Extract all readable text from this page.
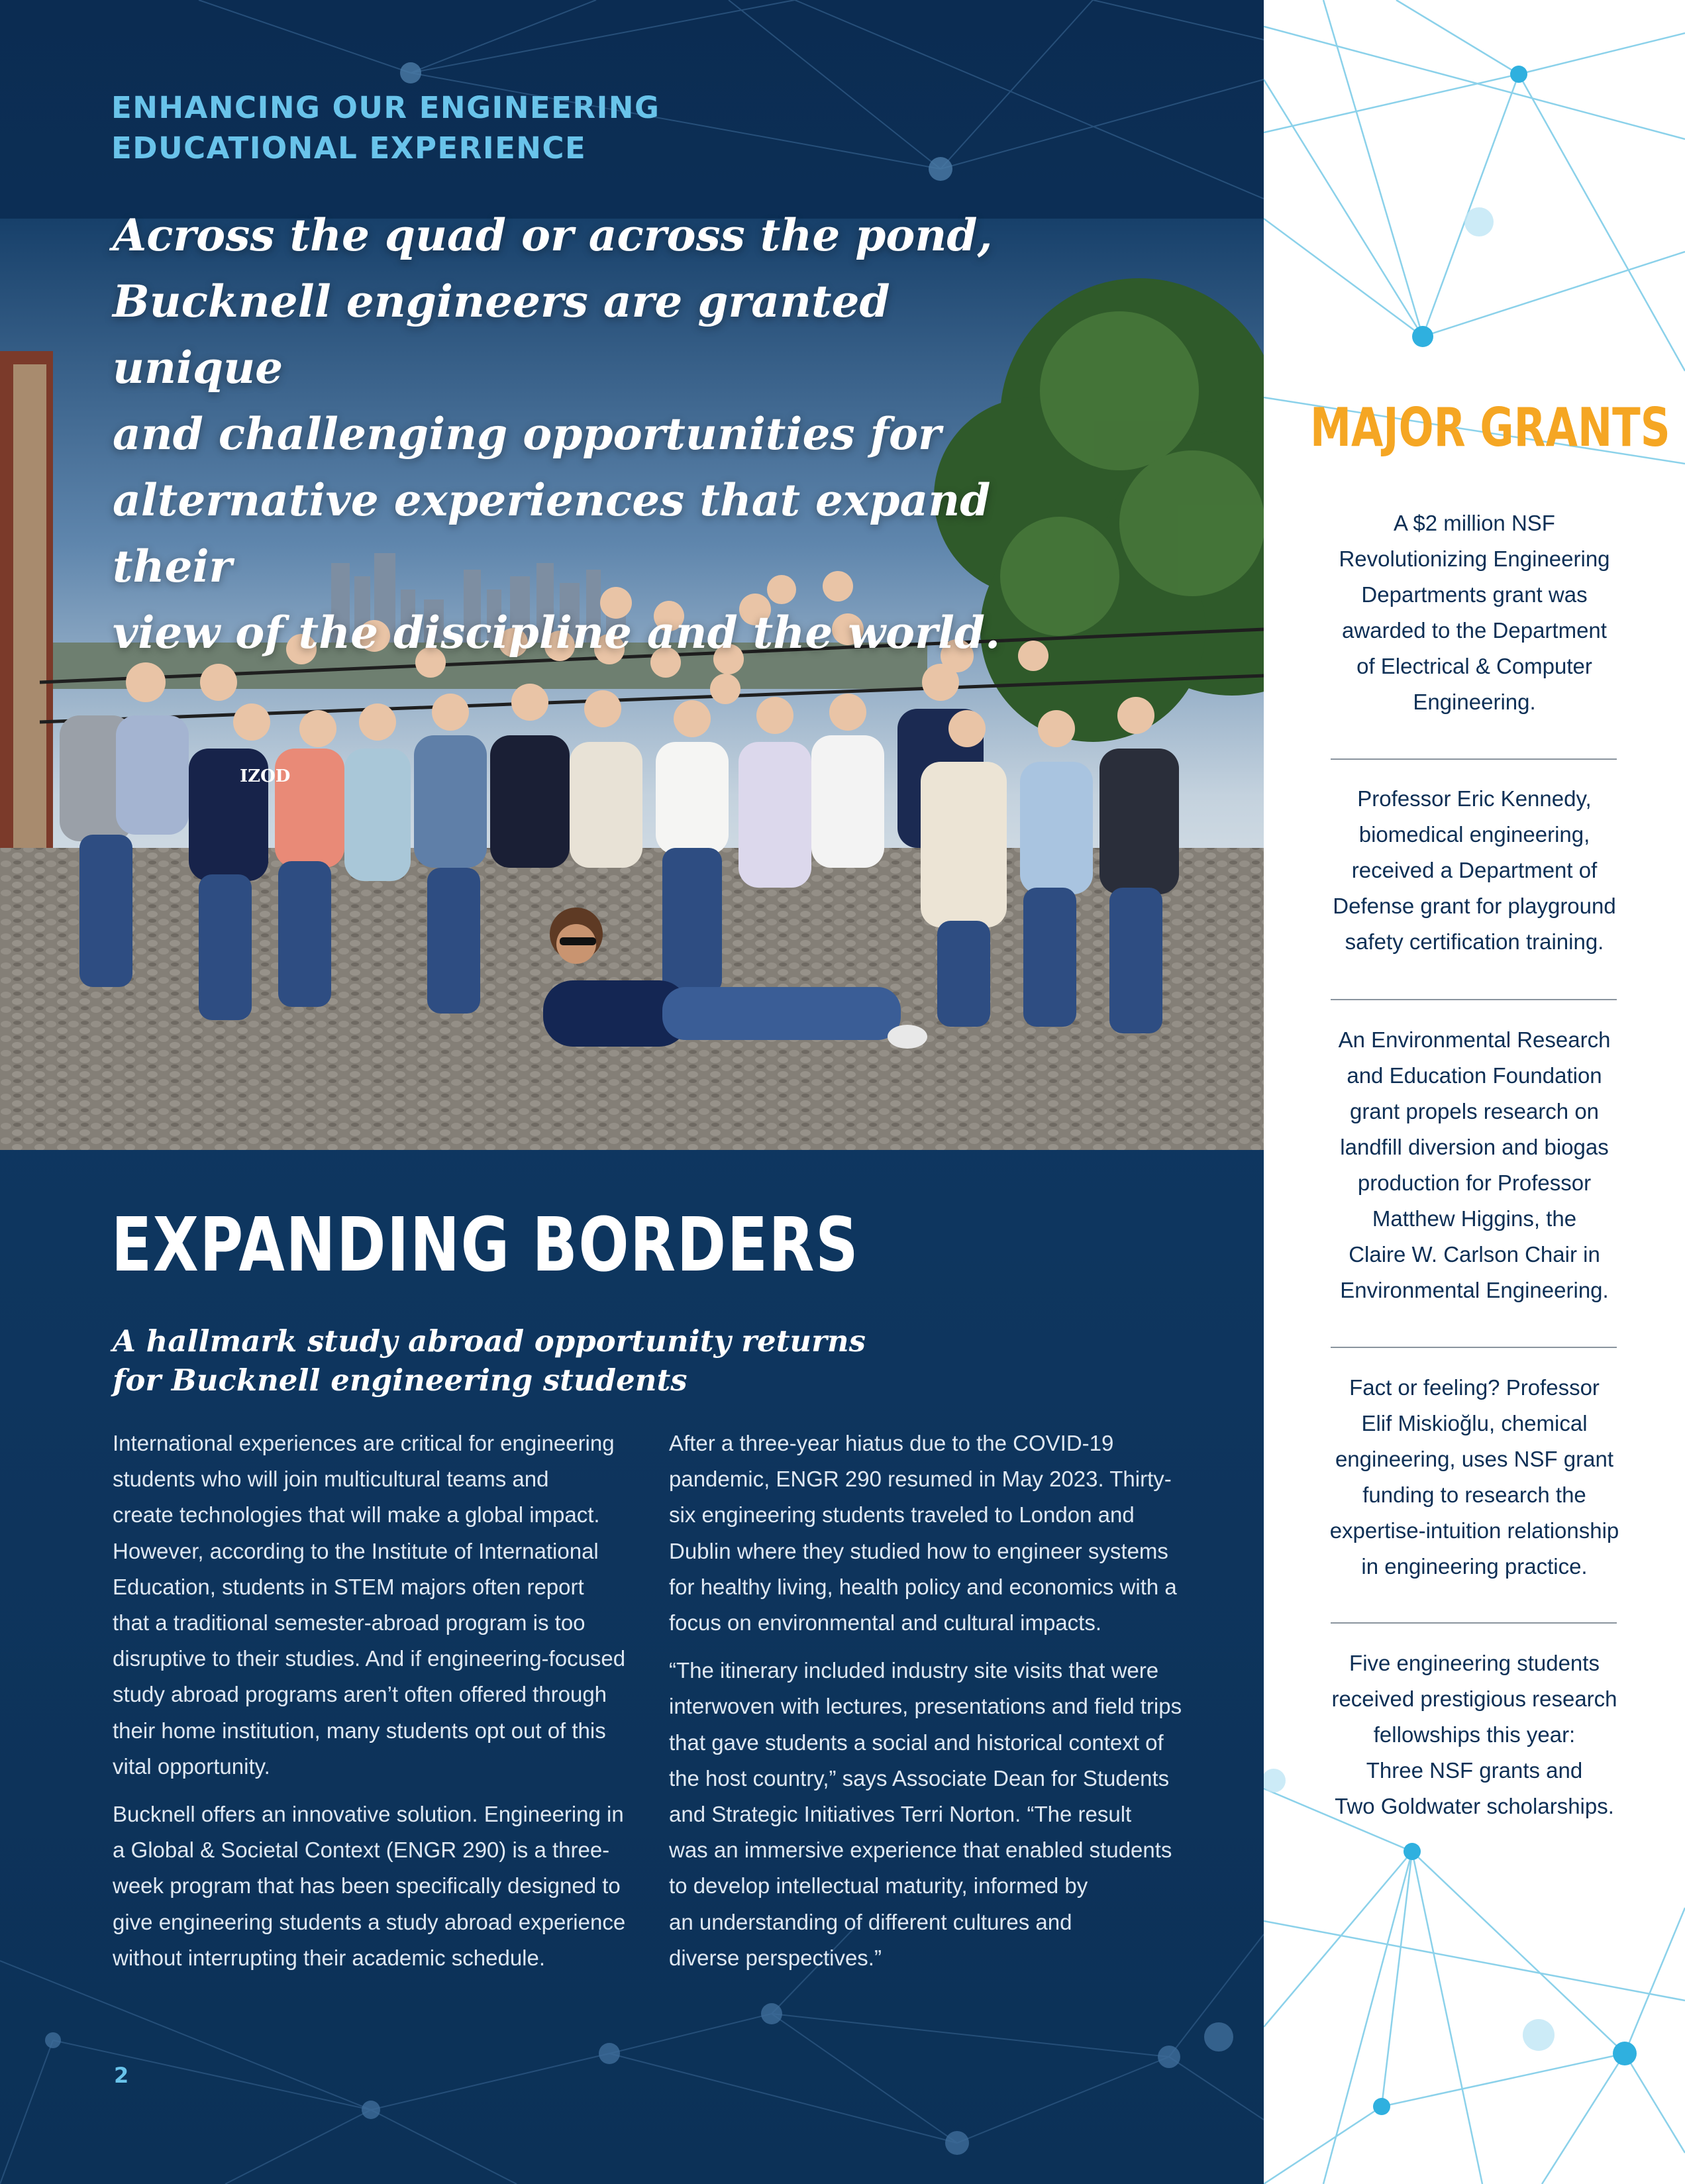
IZOD
ENHANCING OUR ENGINEERING
EDUCATIONAL EXPERIENCE

Across the quad or across the pond,
Bucknell engineers are granted unique
and challenging opportunities for
alternative experiences that expand their
view of the discipline and the world.

EXPANDING BORDERS
A hallmark study abroad opportunity returns
for Bucknell engineering students

International experiences are critical for engineering
students who will join multicultural teams and
create technologies that will make a global impact.
However, according to the Institute of International
Education, students in STEM majors often report
that a traditional semester-abroad program is too
disruptive to their studies. And if engineering-focused
study abroad programs aren’t often offered through
their home institution, many students opt out of this
vital opportunity.

Bucknell offers an innovative solution. Engineering in
a Global & Societal Context (ENGR 290) is a three-
week program that has been specifically designed to
give engineering students a study abroad experience
without interrupting their academic schedule.

After a three-year hiatus due to the COVID-19
pandemic, ENGR 290 resumed in May 2023. Thirty-
six engineering students traveled to London and
Dublin where they studied how to engineer systems
for healthy living, health policy and economics with a
focus on environmental and cultural impacts.

“The itinerary included industry site visits that were
interwoven with lectures, presentations and field trips
that gave students a social and historical context of
the host country,” says Associate Dean for Students
and Strategic Initiatives Terri Norton. “The result
was an immersive experience that enabled students
to develop intellectual maturity, informed by
an understanding of different cultures and
diverse perspectives.”

2
MAJOR GRANTS
A $2 million NSF
Revolutionizing Engineering
Departments grant was
awarded to the Department
of Electrical & Computer
Engineering.
Professor Eric Kennedy,
biomedical engineering,
received a Department of
Defense grant for playground
safety certification training.
An Environmental Research
and Education Foundation
grant propels research on
landfill diversion and biogas
production for Professor
Matthew Higgins, the
Claire W. Carlson Chair in
Environmental Engineering.
Fact or feeling? Professor
Elif Miskioğlu, chemical
engineering, uses NSF grant
funding to research the
expertise-intuition relationship
in engineering practice.
Five engineering students
received prestigious research
fellowships this year:
Three NSF grants and
Two Goldwater scholarships.
